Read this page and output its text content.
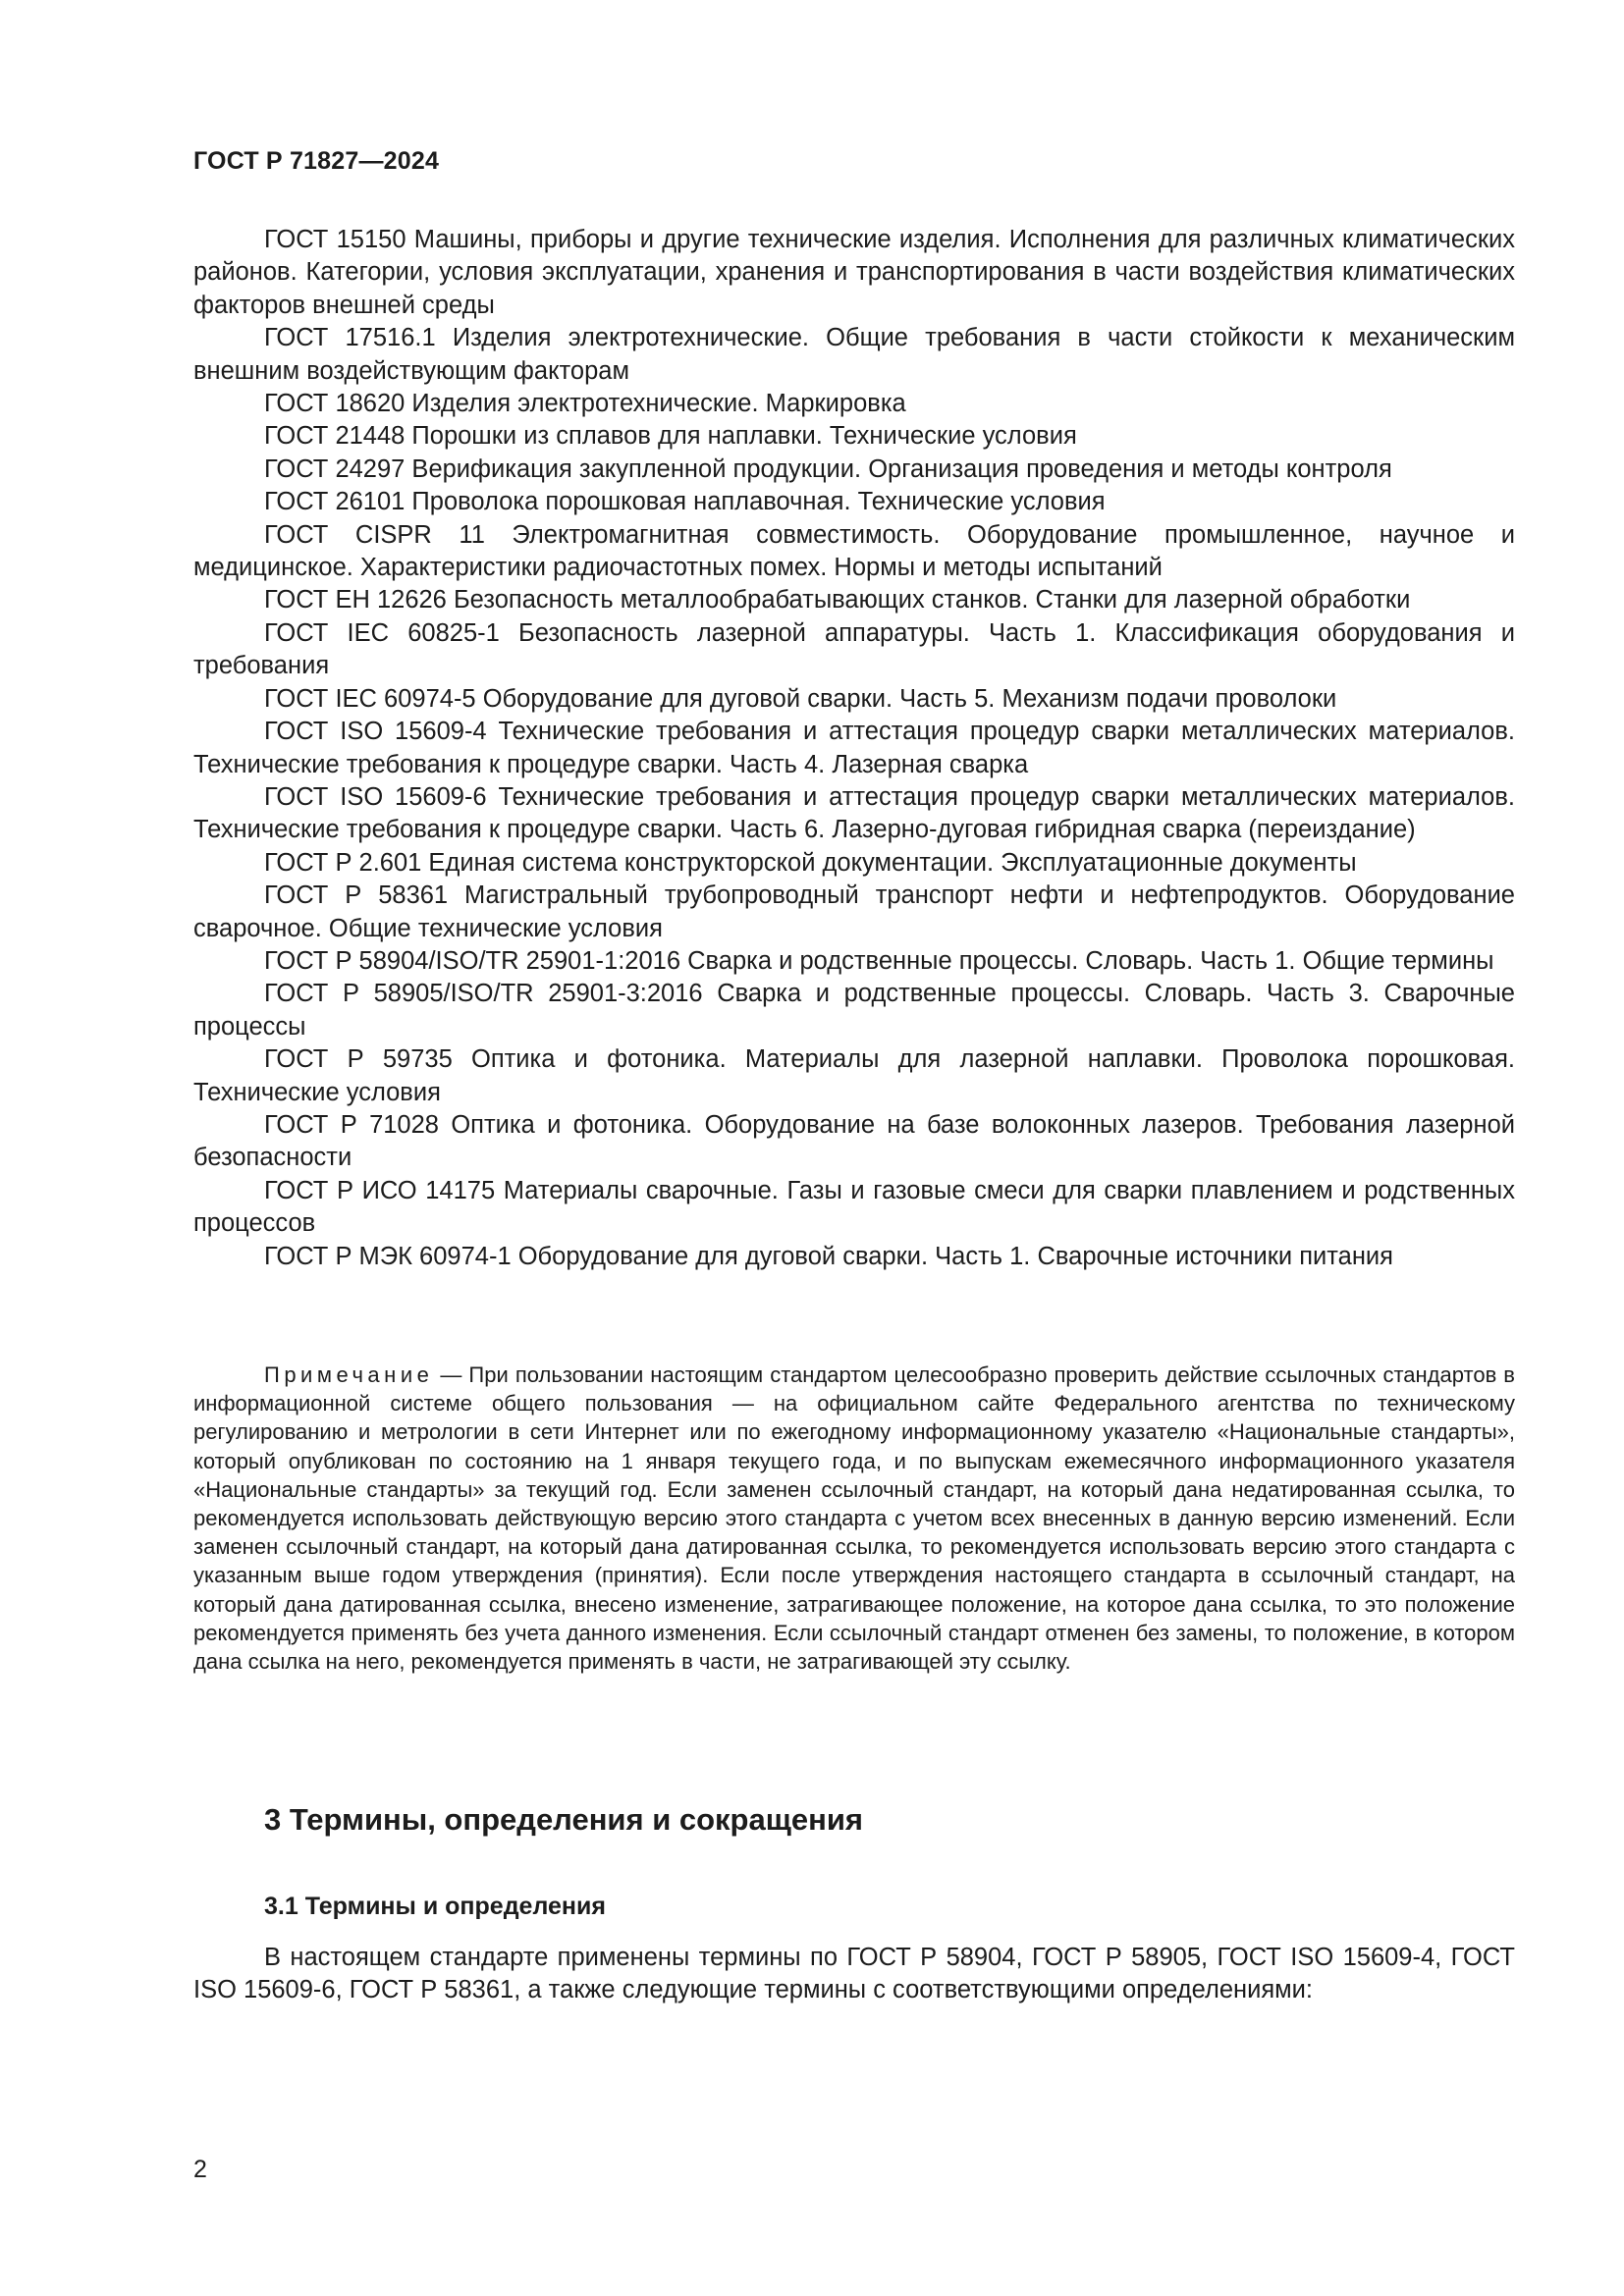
ГОСТ Р 71827—2024

ГОСТ 15150 Машины, приборы и другие технические изделия. Исполнения для различных климатических районов. Категории, условия эксплуатации, хранения и транспортирования в части воздействия климатических факторов внешней среды

ГОСТ 17516.1 Изделия электротехнические. Общие требования в части стойкости к механическим внешним воздействующим факторам

ГОСТ 18620 Изделия электротехнические. Маркировка

ГОСТ 21448 Порошки из сплавов для наплавки. Технические условия

ГОСТ 24297 Верификация закупленной продукции. Организация проведения и методы контроля

ГОСТ 26101 Проволока порошковая наплавочная. Технические условия

ГОСТ CISPR 11 Электромагнитная совместимость. Оборудование промышленное, научное и медицинское. Характеристики радиочастотных помех. Нормы и методы испытаний

ГОСТ ЕН 12626 Безопасность металлообрабатывающих станков. Станки для лазерной обработки

ГОСТ IEC 60825-1 Безопасность лазерной аппаратуры. Часть 1. Классификация оборудования и требования

ГОСТ IEC 60974-5 Оборудование для дуговой сварки. Часть 5. Механизм подачи проволоки

ГОСТ ISO 15609-4 Технические требования и аттестация процедур сварки металлических материалов. Технические требования к процедуре сварки. Часть 4. Лазерная сварка

ГОСТ ISO 15609-6 Технические требования и аттестация процедур сварки металлических материалов. Технические требования к процедуре сварки. Часть 6. Лазерно-дуговая гибридная сварка (переиздание)

ГОСТ Р 2.601 Единая система конструкторской документации. Эксплуатационные документы

ГОСТ Р 58361 Магистральный трубопроводный транспорт нефти и нефтепродуктов. Оборудование сварочное. Общие технические условия

ГОСТ Р 58904/ISO/TR 25901-1:2016 Сварка и родственные процессы. Словарь. Часть 1. Общие термины

ГОСТ Р 58905/ISO/TR 25901-3:2016 Сварка и родственные процессы. Словарь. Часть 3. Сварочные процессы

ГОСТ Р 59735 Оптика и фотоника. Материалы для лазерной наплавки. Проволока порошковая. Технические условия

ГОСТ Р 71028 Оптика и фотоника. Оборудование на базе волоконных лазеров. Требования лазерной безопасности

ГОСТ Р ИСО 14175 Материалы сварочные. Газы и газовые смеси для сварки плавлением и родственных процессов

ГОСТ Р МЭК 60974-1 Оборудование для дуговой сварки. Часть 1. Сварочные источники питания

Примечание — При пользовании настоящим стандартом целесообразно проверить действие ссылочных стандартов в информационной системе общего пользования — на официальном сайте Федерального агентства по техническому регулированию и метрологии в сети Интернет или по ежегодному информационному указателю «Национальные стандарты», который опубликован по состоянию на 1 января текущего года, и по выпускам ежемесячного информационного указателя «Национальные стандарты» за текущий год. Если заменен ссылочный стандарт, на который дана недатированная ссылка, то рекомендуется использовать действующую версию этого стандарта с учетом всех внесенных в данную версию изменений. Если заменен ссылочный стандарт, на который дана датированная ссылка, то рекомендуется использовать версию этого стандарта с указанным выше годом утверждения (принятия). Если после утверждения настоящего стандарта в ссылочный стандарт, на который дана датированная ссылка, внесено изменение, затрагивающее положение, на которое дана ссылка, то это положение рекомендуется применять без учета данного изменения. Если ссылочный стандарт отменен без замены, то положение, в котором дана ссылка на него, рекомендуется применять в части, не затрагивающей эту ссылку.

3 Термины, определения и сокращения
3.1 Термины и определения

В настоящем стандарте применены термины по ГОСТ Р 58904, ГОСТ Р 58905, ГОСТ ISO 15609-4, ГОСТ ISO 15609-6, ГОСТ Р 58361, а также следующие термины с соответствующими определениями:

2
